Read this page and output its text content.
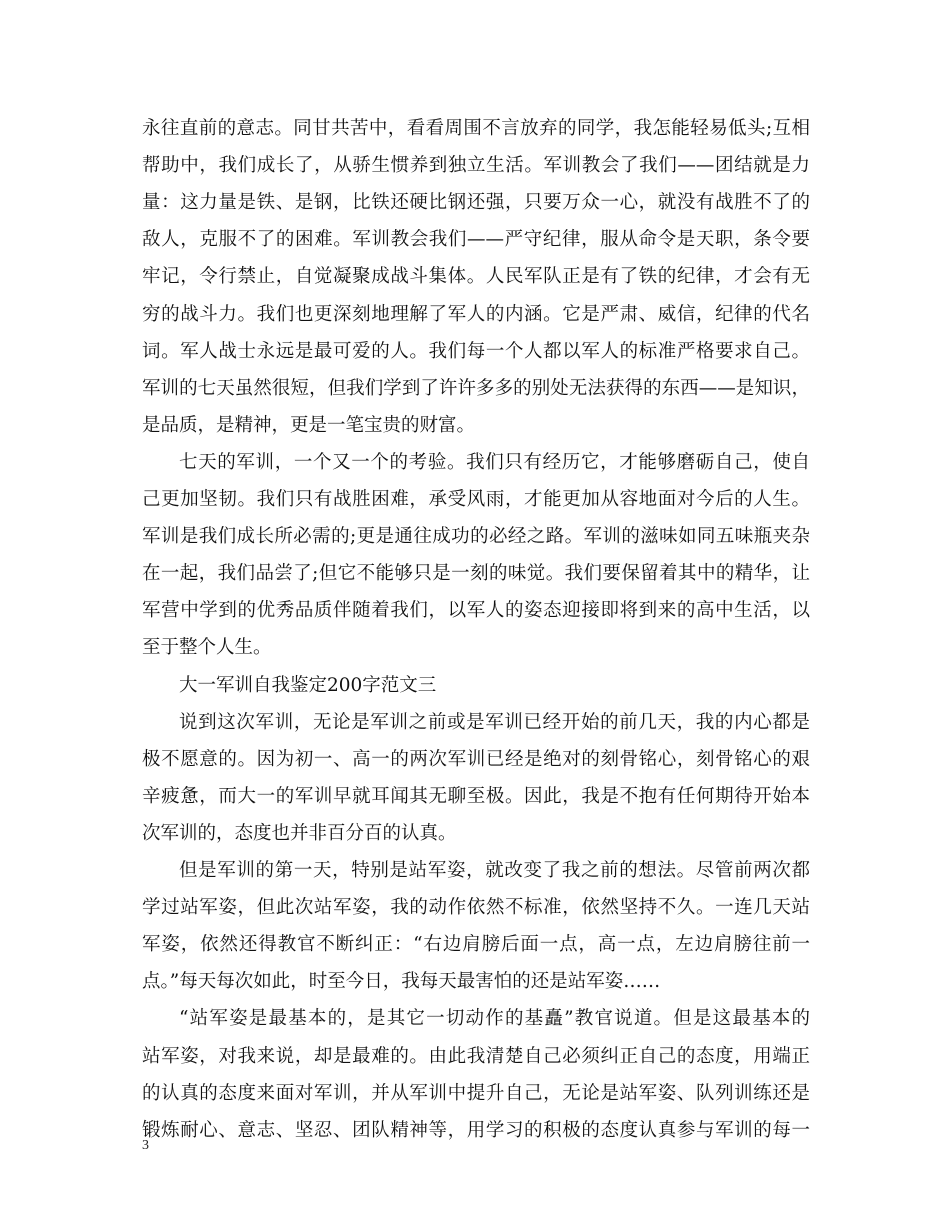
永往直前的意志。同甘共苦中，看看周围不言放弃的同学，我怎能轻易低头;互相
帮助中，我们成长了，从骄生惯养到独立生活。军训教会了我们——团结就是力
量：这力量是铁、是钢，比铁还硬比钢还强，只要万众一心，就没有战胜不了的
敌人，克服不了的困难。军训教会我们——严守纪律，服从命令是天职，条令要
牢记，令行禁止，自觉凝聚成战斗集体。人民军队正是有了铁的纪律，才会有无
穷的战斗力。我们也更深刻地理解了军人的内涵。它是严肃、威信，纪律的代名
词。军人战士永远是最可爱的人。我们每一个人都以军人的标准严格要求自己。
军训的七天虽然很短，但我们学到了许许多多的别处无法获得的东西——是知识，
是品质，是精神，更是一笔宝贵的财富。
七天的军训，一个又一个的考验。我们只有经历它，才能够磨砺自己，使自
己更加坚韧。我们只有战胜困难，承受风雨，才能更加从容地面对今后的人生。
军训是我们成长所必需的;更是通往成功的必经之路。军训的滋味如同五味瓶夹杂
在一起，我们品尝了;但它不能够只是一刻的味觉。我们要保留着其中的精华，让
军营中学到的优秀品质伴随着我们，以军人的姿态迎接即将到来的高中生活，以
至于整个人生。
大一军训自我鉴定200字范文三
说到这次军训，无论是军训之前或是军训已经开始的前几天，我的内心都是
极不愿意的。因为初一、高一的两次军训已经是绝对的刻骨铭心，刻骨铭心的艰
辛疲惫，而大一的军训早就耳闻其无聊至极。因此，我是不抱有任何期待开始本
次军训的，态度也并非百分百的认真。
但是军训的第一天，特别是站军姿，就改变了我之前的想法。尽管前两次都
学过站军姿，但此次站军姿，我的动作依然不标准，依然坚持不久。一连几天站
军姿，依然还得教官不断纠正：“右边肩膀后面一点，高一点，左边肩膀往前一
点。”每天每次如此，时至今日，我每天最害怕的还是站军姿……
“站军姿是最基本的，是其它一切动作的基矗”教官说道。但是这最基本的
站军姿，对我来说，却是最难的。由此我清楚自己必须纠正自己的态度，用端正
的认真的态度来面对军训，并从军训中提升自己，无论是站军姿、队列训练还是
锻炼耐心、意志、坚忍、团队精神等，用学习的积极的态度认真参与军训的每一
3
